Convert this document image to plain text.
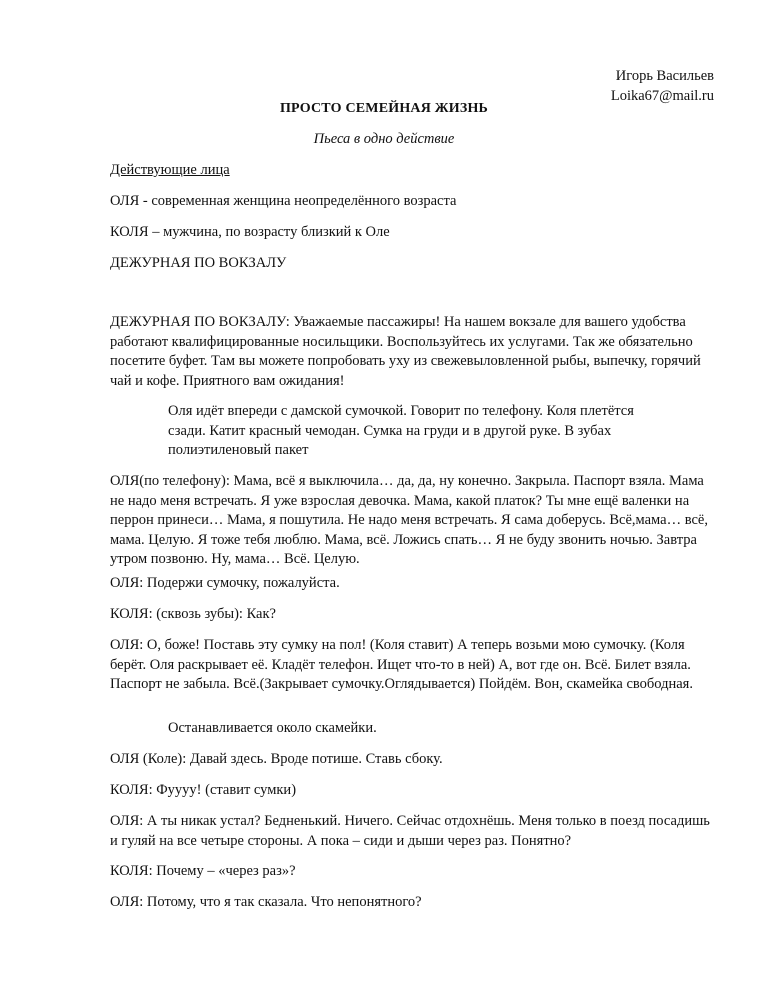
Игорь Васильев
Loika67@mail.ru
ПРОСТО СЕМЕЙНАЯ ЖИЗНЬ
Пьеса в одно действие

Действующие лица

ОЛЯ - современная женщина неопределённого возраста

КОЛЯ – мужчина, по возрасту близкий к Оле

ДЕЖУРНАЯ ПО ВОКЗАЛУ

ДЕЖУРНАЯ ПО ВОКЗАЛУ: Уважаемые пассажиры! На нашем вокзале для вашего удобства работают квалифицированные носильщики. Воспользуйтесь их услугами. Так же обязательно посетите буфет. Там вы можете попробовать уху из свежевыловленной рыбы, выпечку, горячий чай и кофе. Приятного вам ожидания!

Оля идёт впереди с дамской сумочкой. Говорит по телефону. Коля плетётся сзади. Катит красный чемодан. Сумка на груди и в другой руке. В зубах полиэтиленовый пакет

ОЛЯ(по телефону): Мама, всё я выключила… да, да, ну конечно. Закрыла. Паспорт взяла. Мама не надо меня встречать. Я уже взрослая девочка. Мама, какой платок? Ты мне ещё валенки на перрон принеси… Мама, я пошутила. Не надо меня встречать. Я сама доберусь. Всё,мама… всё, мама. Целую. Я тоже тебя люблю. Мама, всё. Ложись спать… Я не буду звонить ночью. Завтра утром позвоню. Ну, мама… Всё. Целую.

ОЛЯ: Подержи сумочку, пожалуйста.

КОЛЯ: (сквозь зубы): Как?

ОЛЯ: О, боже! Поставь эту сумку на пол! (Коля ставит) А теперь возьми мою сумочку. (Коля берёт. Оля раскрывает её. Кладёт телефон. Ищет что-то в ней) А, вот где он. Всё. Билет взяла. Паспорт не забыла. Всё.(Закрывает сумочку.Оглядывается) Пойдём. Вон, скамейка свободная.

Останавливается около скамейки.

ОЛЯ (Коле): Давай здесь. Вроде потише. Ставь сбоку.

КОЛЯ: Фуууу! (ставит сумки)

ОЛЯ: А ты никак устал? Бедненький. Ничего. Сейчас отдохнёшь. Меня только в поезд посадишь и гуляй на все четыре стороны. А пока – сиди и дыши через раз. Понятно?

КОЛЯ: Почему – «через раз»?

ОЛЯ: Потому, что я так сказала. Что непонятного?
